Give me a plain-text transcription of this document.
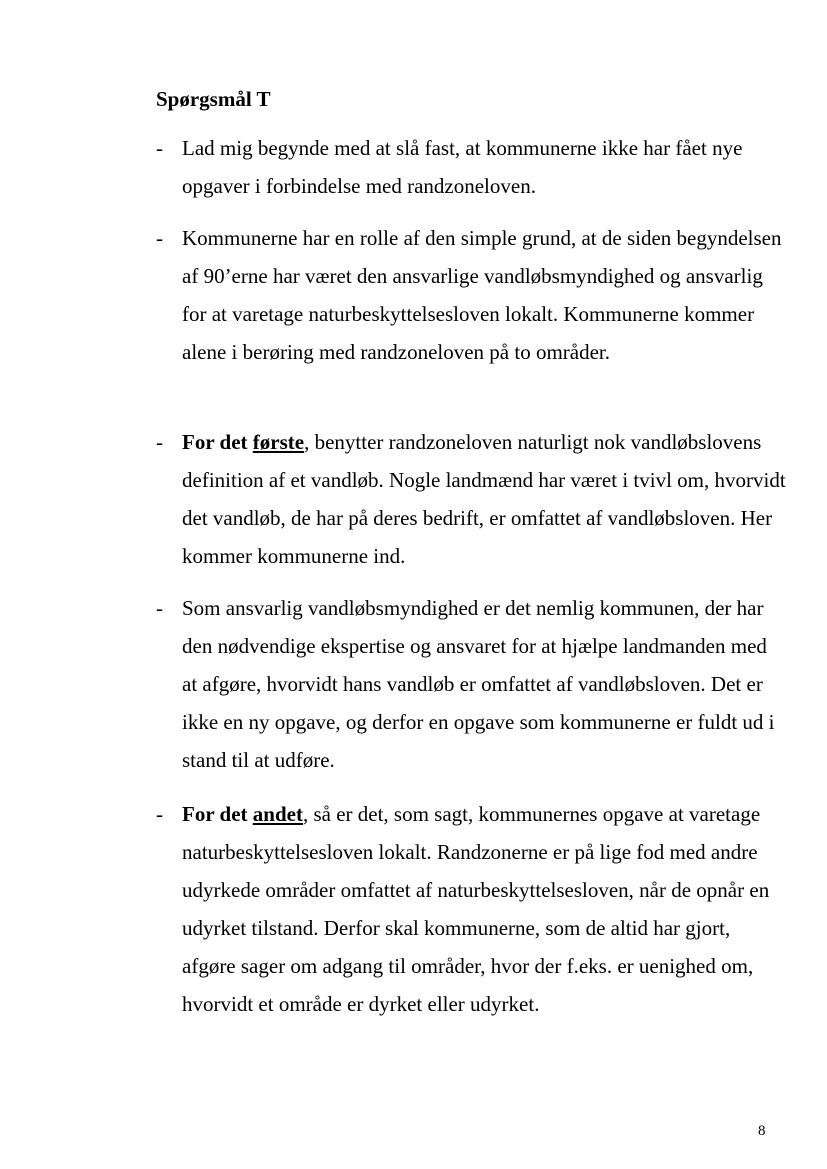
Spørgsmål T

- Lad mig begynde med at slå fast, at kommunerne ikke har fået nye opgaver i forbindelse med randzoneloven.
- Kommunerne har en rolle af den simple grund, at de siden begyndelsen af 90’erne har været den ansvarlige vandløbsmyndighed og ansvarlig for at varetage naturbeskyttelsesloven lokalt. Kommunerne kommer alene i berøring med randzoneloven på to områder.
- For det første, benytter randzoneloven naturligt nok vandløbslovens definition af et vandløb. Nogle landmænd har været i tvivl om, hvorvidt det vandløb, de har på deres bedrift, er omfattet af vandløbsloven. Her kommer kommunerne ind.
- Som ansvarlig vandløbsmyndighed er det nemlig kommunen, der har den nødvendige ekspertise og ansvaret for at hjælpe landmanden med at afgøre, hvorvidt hans vandløb er omfattet af vandløbsloven. Det er ikke en ny opgave, og derfor en opgave som kommunerne er fuldt ud i stand til at udføre.
- For det andet, så er det, som sagt, kommunernes opgave at varetage naturbeskyttelsesloven lokalt. Randzonerne er på lige fod med andre udyrkede områder omfattet af naturbeskyttelsesloven, når de opnår en udyrket tilstand. Derfor skal kommunerne, som de altid har gjort, afgøre sager om adgang til områder, hvor der f.eks. er uenighed om, hvorvidt et område er dyrket eller udyrket.
8
